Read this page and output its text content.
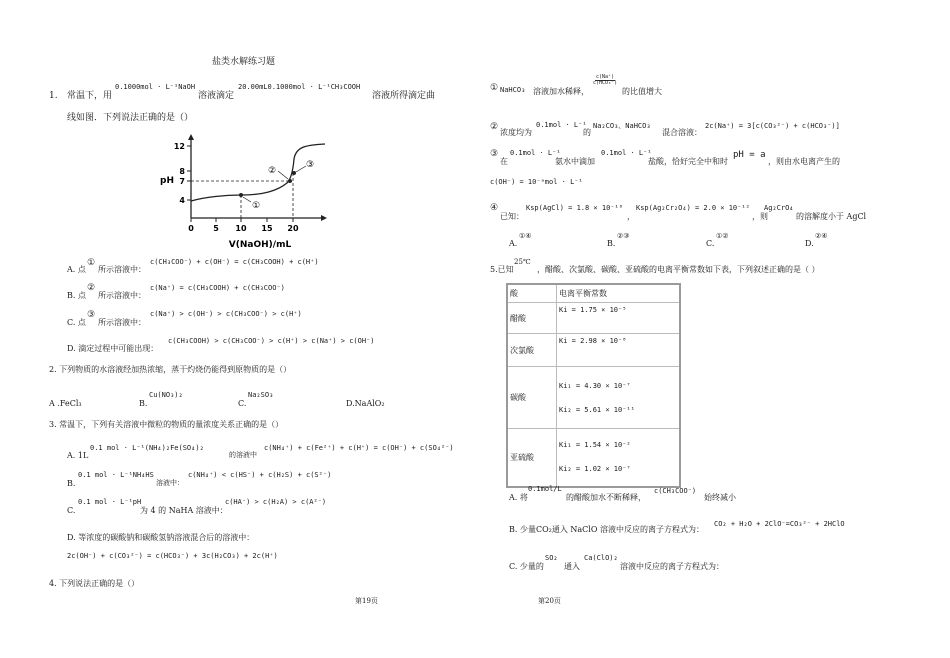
盐类水解练习题
1. 常温下，用
0.1000mol · L⁻¹NaOH
溶液滴定
20.00mL0.1000mol · L⁻¹CH₃COOH
溶液所得滴定曲
线如图．下列说法正确的是（）
12
8
7
4
pH
0 5 10 15 20
V(NaOH)/mL
①
②
③
A. 点
①
所示溶液中：
c(CH₃COO⁻) + c(OH⁻) = c(CH₃COOH) + c(H⁺)
B. 点
②
所示溶液中：
c(Na⁺) = c(CH₃COOH) + c(CH₃COO⁻)
C. 点
③
所示溶液中：
c(Na⁺) > c(OH⁻) > c(CH₃COO⁻) > c(H⁺)
D. 滴定过程中可能出现：
c(CH₃COOH) > c(CH₃COO⁻) > c(H⁺) > c(Na⁺) > c(OH⁻)
2. 下列物质的水溶液经加热浓缩，蒸干灼烧仍能得到原物质的是（）
A .FeCl₃	B.
Cu(NO₃)₂
C.
Na₂SO₃
D.NaAlO₂
3. 常温下，下列有关溶液中微粒的物质的量浓度关系正确的是（）
A. 1L
0.1 mol · L⁻¹(NH₄)₂Fe(SO₄)₂
的溶液中
c(NH₄⁺) + c(Fe²⁺) + c(H⁺) = c(OH⁻) + c(SO₄²⁻)
B.
0.1 mol · L⁻¹NH₄HS
溶液中：
c(NH₄⁺) < c(HS⁻) + c(H₂S) + c(S²⁻)
C.
0.1 mol · L⁻¹pH
为 4 的 NaHA 溶液中：
c(HA⁻) > c(H₂A) > c(A²⁻)
D. 等浓度的碳酸钠和碳酸氢钠溶液混合后的溶液中：
2c(OH⁻) + c(CO₃²⁻) = c(HCO₃⁻) + 3c(H₂CO₃) + 2c(H⁺)
4. 下列说法正确的是（）
第19页
① NaHCO₃ 溶液加水稀释，
c(Na⁺)
c(HCO₃⁻)
的比值增大
②
浓度均为
0.1mol · L⁻¹
的
Na₂CO₃、NaHCO₃
混合溶液：
2c(Na⁺) = 3[c(CO₃²⁻) + c(HCO₃⁻)]
③
在
0.1mol · L⁻¹
氨水中滴加
0.1mol · L⁻¹
盐酸，恰好完全中和时
pH = a
，则由水电离产生的
c(OH⁻) = 10⁻ᵃmol · L⁻¹
④
已知：
Ksp(AgCl) = 1.8 × 10⁻¹⁰
，
Ksp(Ag₂Cr₂O₄) = 2.0 × 10⁻¹²
，则
Ag₂CrO₄
的溶解度小于 AgCl
A.
①④
B.
②③
C.
①②
D.
②④
5.已知
25℃
，醋酸、次氯酸、碳酸、亚硫酸的电离平衡常数如下表，下列叙述正确的是（ ）
酸	电离平衡常数
醋酸	Ki = 1.75 × 10⁻⁵
次氯酸	Ki = 2.98 × 10⁻⁸
碳酸	Ki₁ = 4.30 × 10⁻⁷
Ki₂ = 5.61 × 10⁻¹¹

亚硫酸	Ki₁ = 1.54 × 10⁻²
Ki₂ = 1.02 × 10⁻⁷
A. 将
0.1mol/L
的醋酸加水不断稀释，
c(CH₃COO⁻)
始终减小
B. 少量CO₂通入 NaClO 溶液中反应的离子方程式为：
CO₂ + H₂O + 2ClO⁻=CO₃²⁻ + 2HClO
C. 少量的
SO₂
通入
Ca(ClO)₂
溶液中反应的离子方程式为：
第20页
